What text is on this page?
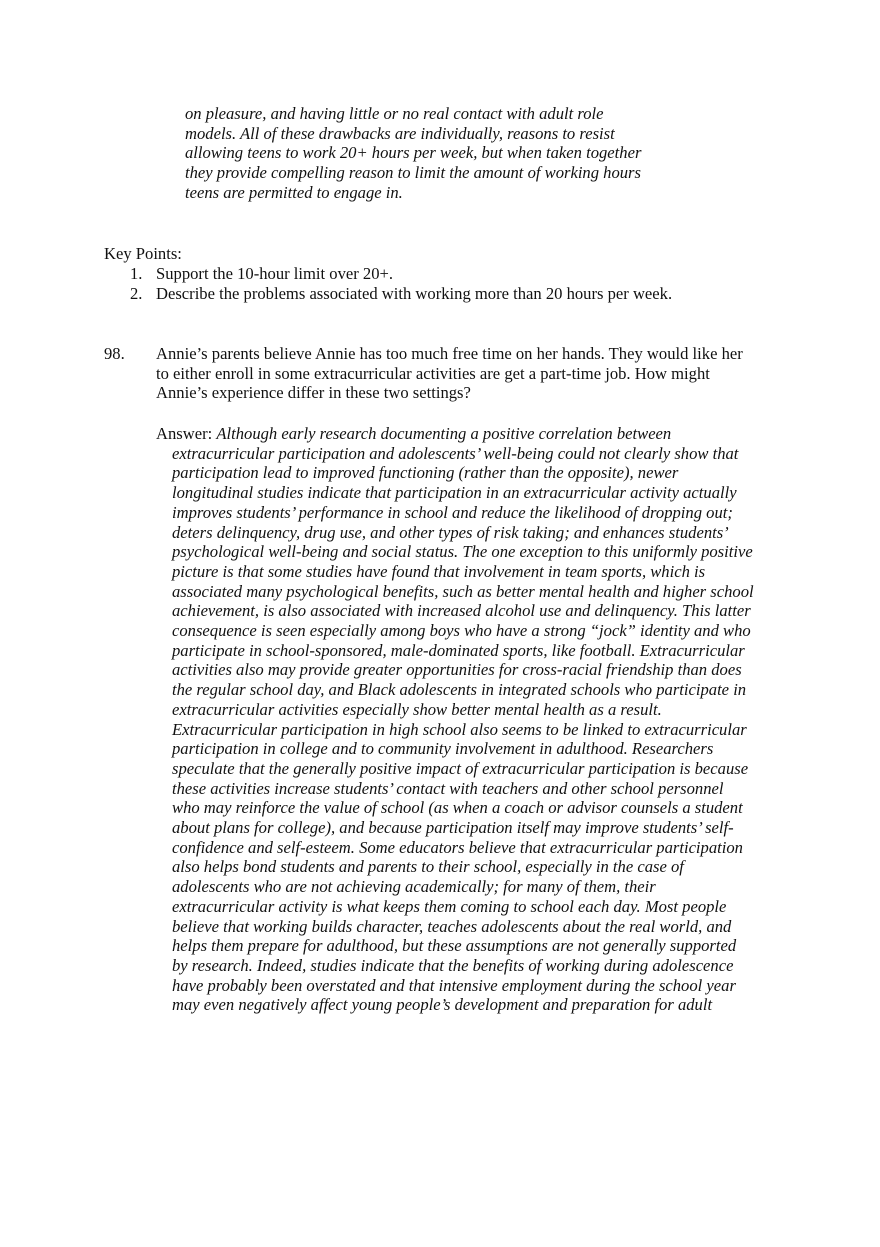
on pleasure, and having little or no real contact with adult role
models. All of these drawbacks are individually, reasons to resist
allowing teens to work 20+ hours per week, but when taken together
they provide compelling reason to limit the amount of working hours
teens are permitted to engage in.
Key Points:
1. Support the 10-hour limit over 20+.
2. Describe the problems associated with working more than 20 hours per week.
98. Annie’s parents believe Annie has too much free time on her hands. They would like her
to either enroll in some extracurricular activities are get a part-time job. How might
Annie’s experience differ in these two settings?
Answer: Although early research documenting a positive correlation between
extracurricular participation and adolescents’ well-being could not clearly show that
participation lead to improved functioning (rather than the opposite), newer
longitudinal studies indicate that participation in an extracurricular activity actually
improves students’ performance in school and reduce the likelihood of dropping out;
deters delinquency, drug use, and other types of risk taking; and enhances students’
psychological well-being and social status. The one exception to this uniformly positive
picture is that some studies have found that involvement in team sports, which is
associated many psychological benefits, such as better mental health and higher school
achievement, is also associated with increased alcohol use and delinquency. This latter
consequence is seen especially among boys who have a strong “jock” identity and who
participate in school-sponsored, male-dominated sports, like football. Extracurricular
activities also may provide greater opportunities for cross-racial friendship than does
the regular school day, and Black adolescents in integrated schools who participate in
extracurricular activities especially show better mental health as a result.
Extracurricular participation in high school also seems to be linked to extracurricular
participation in college and to community involvement in adulthood. Researchers
speculate that the generally positive impact of extracurricular participation is because
these activities increase students’ contact with teachers and other school personnel
who may reinforce the value of school (as when a coach or advisor counsels a student
about plans for college), and because participation itself may improve students’ self-
confidence and self-esteem. Some educators believe that extracurricular participation
also helps bond students and parents to their school, especially in the case of
adolescents who are not achieving academically; for many of them, their
extracurricular activity is what keeps them coming to school each day. Most people
believe that working builds character, teaches adolescents about the real world, and
helps them prepare for adulthood, but these assumptions are not generally supported
by research. Indeed, studies indicate that the benefits of working during adolescence
have probably been overstated and that intensive employment during the school year
may even negatively affect young people’s development and preparation for adult
